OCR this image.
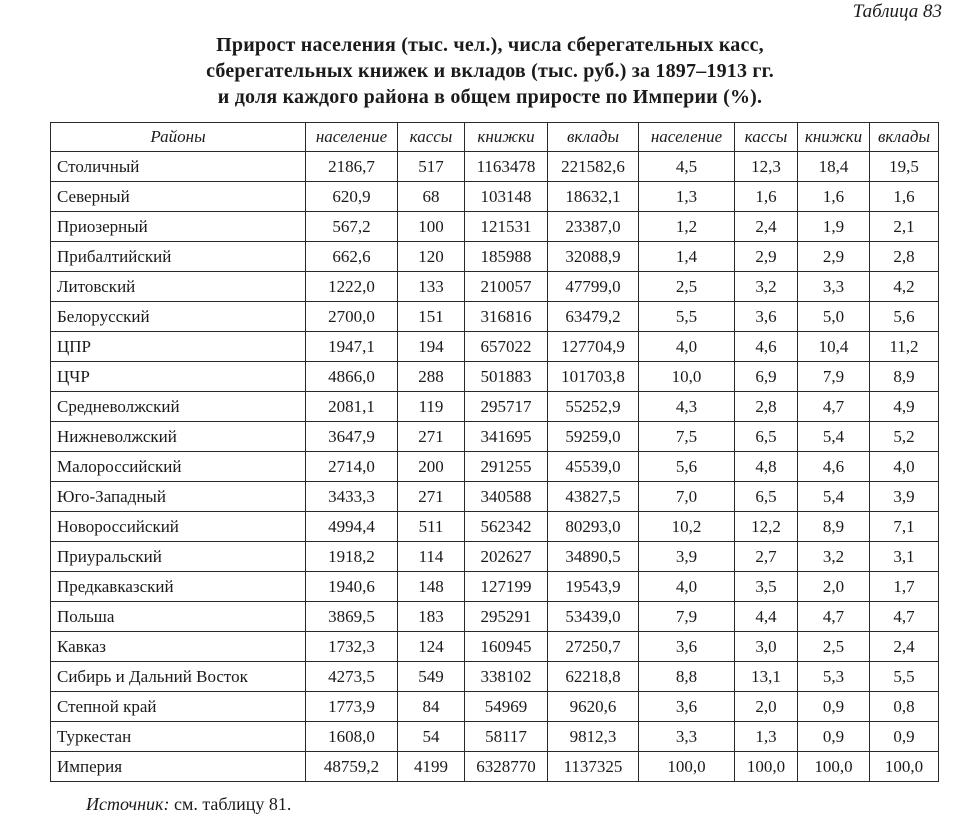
Таблица 83
Прирост населения (тыс. чел.), числа сберегательных касс,
сберегательных книжек и вкладов (тыс. руб.) за 1897–1913 гг.
и доля каждого района в общем приросте по Империи (%).
Районы	население	кассы	книжки	вклады	население	кассы	книжки	вклады
Столичный	2186,7	517	1163478	221582,6	4,5	12,3	18,4	19,5
Северный	620,9	68	103148	18632,1	1,3	1,6	1,6	1,6
Приозерный	567,2	100	121531	23387,0	1,2	2,4	1,9	2,1
Прибалтийский	662,6	120	185988	32088,9	1,4	2,9	2,9	2,8
Литовский	1222,0	133	210057	47799,0	2,5	3,2	3,3	4,2
Белорусский	2700,0	151	316816	63479,2	5,5	3,6	5,0	5,6
ЦПР	1947,1	194	657022	127704,9	4,0	4,6	10,4	11,2
ЦЧР	4866,0	288	501883	101703,8	10,0	6,9	7,9	8,9
Средневолжский	2081,1	119	295717	55252,9	4,3	2,8	4,7	4,9
Нижневолжский	3647,9	271	341695	59259,0	7,5	6,5	5,4	5,2
Малороссийский	2714,0	200	291255	45539,0	5,6	4,8	4,6	4,0
Юго-Западный	3433,3	271	340588	43827,5	7,0	6,5	5,4	3,9
Новороссийский	4994,4	511	562342	80293,0	10,2	12,2	8,9	7,1
Приуральский	1918,2	114	202627	34890,5	3,9	2,7	3,2	3,1
Предкавказский	1940,6	148	127199	19543,9	4,0	3,5	2,0	1,7
Польша	3869,5	183	295291	53439,0	7,9	4,4	4,7	4,7
Кавказ	1732,3	124	160945	27250,7	3,6	3,0	2,5	2,4
Сибирь и Дальний Восток	4273,5	549	338102	62218,8	8,8	13,1	5,3	5,5
Степной край	1773,9	84	54969	9620,6	3,6	2,0	0,9	0,8
Туркестан	1608,0	54	58117	9812,3	3,3	1,3	0,9	0,9
Империя	48759,2	4199	6328770	1137325	100,0	100,0	100,0	100,0
Источник: см. таблицу 81.
